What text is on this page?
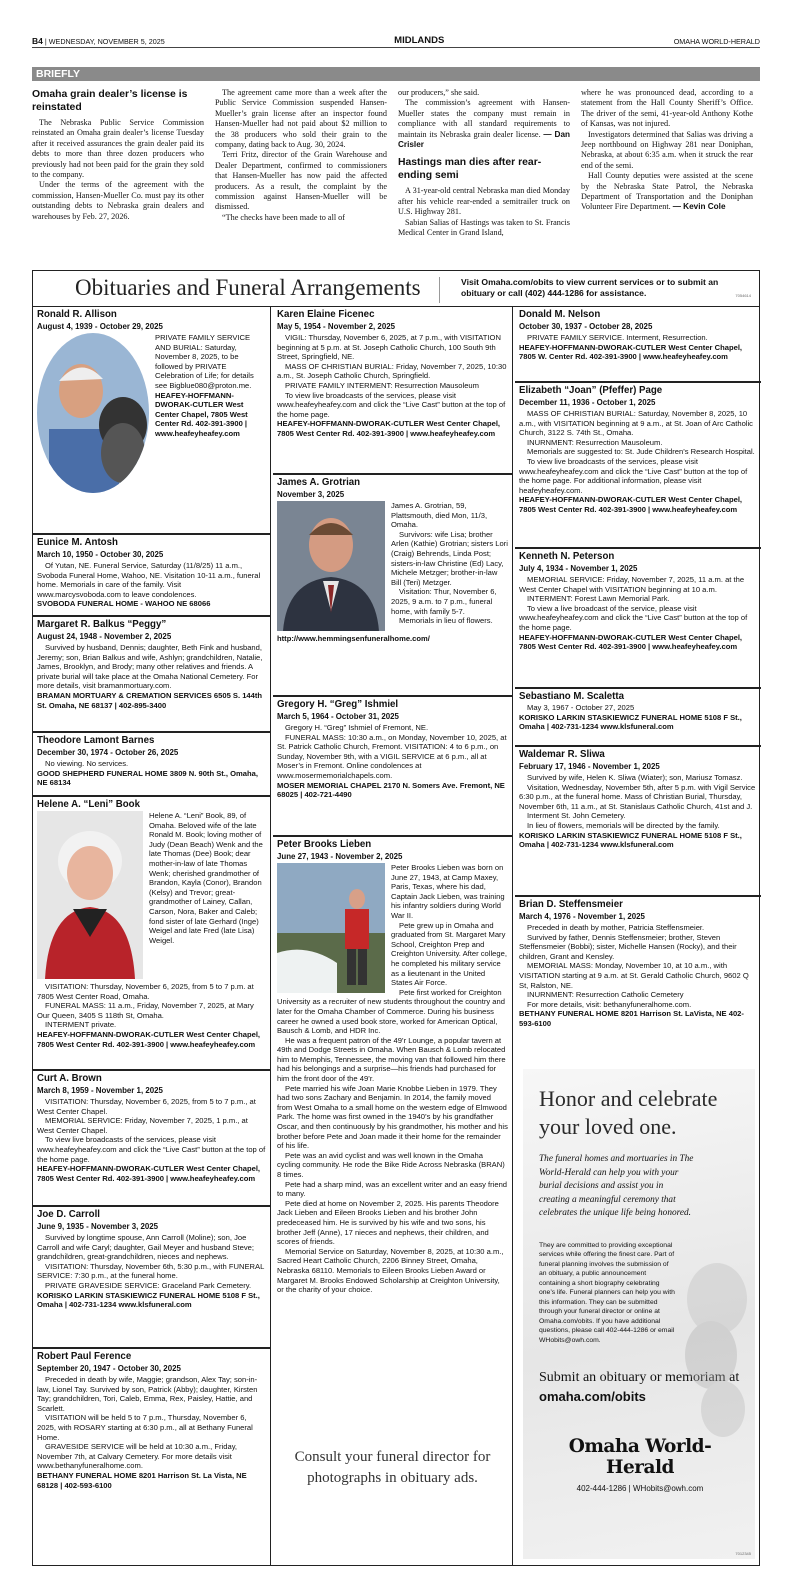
B4 | WEDNESDAY, NOVEMBER 5, 2025	MIDLANDS	OMAHA WORLD-HERALD
BRIEFLY
Omaha grain dealer’s license is reinstated

The Nebraska Public Service Commission reinstated an Omaha grain dealer’s license Tuesday after it received assurances the grain dealer paid its debts to more than three dozen producers who previously had not been paid for the grain they sold to the company.

Under the terms of the agreement with the commission, Hansen-Mueller Co. must pay its other outstanding debts to Nebraska grain dealers and warehouses by Feb. 27, 2026.

The agreement came more than a week after the Public Service Commission suspended Hansen-Mueller’s grain license after an inspector found Hansen-Mueller had not paid about $2 million to the 38 producers who sold their grain to the company, dating back to Aug. 30, 2024.

Terri Fritz, director of the Grain Warehouse and Dealer Department, confirmed to commissioners that Hansen-Mueller has now paid the affected producers. As a result, the complaint by the commission against Hansen-Mueller will be dismissed.

“The checks have been made to all of

our producers,” she said.

The commission’s agreement with Hansen-Mueller states the company must remain in compliance with all standard requirements to maintain its Nebraska grain dealer license. — Dan Crisler

Hastings man dies after rear-ending semi

A 31-year-old central Nebraska man died Monday after his vehicle rear-ended a semitrailer truck on U.S. Highway 281.

Sabian Salias of Hastings was taken to St. Francis Medical Center in Grand Island,

where he was pronounced dead, according to a statement from the Hall County Sheriff’s Office. The driver of the semi, 41-year-old Anthony Kothe of Kansas, was not injured.

Investigators determined that Salias was driving a Jeep northbound on Highway 281 near Doniphan, Nebraska, at about 6:35 a.m. when it struck the rear end of the semi.

Hall County deputies were assisted at the scene by the Nebraska State Patrol, the Nebraska Department of Transportation and the Doniphan Volunteer Fire Department. — Kevin Cole

Obituaries and Funeral Arrangements	Visit Omaha.com/obits to view current services or to submit an obituary or call (402) 444-1286 for assistance.	7054614
Ronald R. Allison
August 4, 1939 - October 29, 2025

PRIVATE FAMILY SERVICE AND BURIAL: Saturday, November 8, 2025, to be followed by PRIVATE Celebration of Life; for details see Bigblue080@proton.me.

HEAFEY-HOFFMANN-DWORAK-CUTLER West Center Chapel, 7805 West Center Rd. 402-391-3900 | www.heafeyheafey.com

Eunice M. Antosh
March 10, 1950 - October 30, 2025

Of Yutan, NE. Funeral Service, Saturday (11/8/25) 11 a.m., Svoboda Funeral Home, Wahoo, NE. Visitation 10-11 a.m., funeral home. Memorials in care of the family. Visit www.marcysvoboda.com to leave condolences.

SVOBODA FUNERAL HOME - WAHOO NE 68066

Margaret R. Balkus “Peggy”
August 24, 1948 - November 2, 2025

Survived by husband, Dennis; daughter, Beth Fink and husband, Jeremy; son, Brian Balkus and wife, Ashlyn; grandchildren, Natalie, James, Brooklyn, and Brody; many other relatives and friends. A private burial will take place at the Omaha National Cemetery. For more details, visit bramanmortuary.com.

BRAMAN MORTUARY & CREMATION SERVICES 6505 S. 144th St. Omaha, NE 68137 | 402-895-3400

Theodore Lamont Barnes
December 30, 1974 - October 26, 2025

No viewing. No services.

GOOD SHEPHERD FUNERAL HOME 3809 N. 90th St., Omaha, NE 68134

Helene A. “Leni” Book

Helene A. “Leni” Book, 89, of Omaha. Beloved wife of the late Ronald M. Book; loving mother of Judy (Dean Beach) Wenk and the late Thomas (Dee) Book; dear mother-in-law of late Thomas Wenk; cherished grandmother of Brandon, Kayla (Conor), Brandon (Kelsy) and Trevor; great-grandmother of Lainey, Callan, Carson, Nora, Baker and Caleb; fond sister of late Gerhard (Inge) Weigel and late Fred (late Lisa) Weigel.

VISITATION: Thursday, November 6, 2025, from 5 to 7 p.m. at 7805 West Center Road, Omaha.

FUNERAL MASS: 11 a.m., Friday, November 7, 2025, at Mary Our Queen, 3405 S 118th St, Omaha.

INTERMENT private.

HEAFEY-HOFFMANN-DWORAK-CUTLER West Center Chapel, 7805 West Center Rd. 402-391-3900 | www.heafeyheafey.com

Curt A. Brown
March 8, 1959 - November 1, 2025

VISITATION: Thursday, November 6, 2025, from 5 to 7 p.m., at West Center Chapel.

MEMORIAL SERVICE: Friday, November 7, 2025, 1 p.m., at West Center Chapel.

To view live broadcasts of the services, please visit www.heafeyheafey.com and click the “Live Cast” button at the top of the home page.

HEAFEY-HOFFMANN-DWORAK-CUTLER West Center Chapel, 7805 West Center Rd. 402-391-3900 | www.heafeyheafey.com

Joe D. Carroll
June 9, 1935 - November 3, 2025

Survived by longtime spouse, Ann Carroll (Moline); son, Joe Carroll and wife Caryl; daughter, Gail Meyer and husband Steve; grandchildren, great-grandchildren, nieces and nephews.

VISITATION: Thursday, November 6th, 5:30 p.m., with FUNERAL SERVICE: 7:30 p.m., at the funeral home.

PRIVATE GRAVESIDE SERVICE: Graceland Park Cemetery.

KORISKO LARKIN STASKIEWICZ FUNERAL HOME 5108 F St., Omaha | 402-731-1234 www.klsfuneral.com

Robert Paul Ference
September 20, 1947 - October 30, 2025

Preceded in death by wife, Maggie; grandson, Alex Tay; son-in-law, Lionel Tay. Survived by son, Patrick (Abby); daughter, Kirsten Tay; grandchildren, Tori, Caleb, Emma, Rex, Paisley, Hattie, and Scarlett.

VISITATION will be held 5 to 7 p.m., Thursday, November 6, 2025, with ROSARY starting at 6:30 p.m., all at Bethany Funeral Home.

GRAVESIDE SERVICE will be held at 10:30 a.m., Friday, November 7th, at Calvary Cemetery. For more details visit www.bethanyfuneralhome.com.

BETHANY FUNERAL HOME 8201 Harrison St. La Vista, NE 68128 | 402-593-6100

Karen Elaine Ficenec
May 5, 1954 - November 2, 2025

VIGIL: Thursday, November 6, 2025, at 7 p.m., with VISITATION beginning at 5 p.m. at St. Joseph Catholic Church, 100 South 9th Street, Springfield, NE.

MASS OF CHRISTIAN BURIAL: Friday, November 7, 2025, 10:30 a.m., St. Joseph Catholic Church, Springfield.

PRIVATE FAMILY INTERMENT: Resurrection Mausoleum

To view live broadcasts of the services, please visit www.heafeyheafey.com and click the “Live Cast” button at the top of the home page.

HEAFEY-HOFFMANN-DWORAK-CUTLER West Center Chapel, 7805 West Center Rd. 402-391-3900 | www.heafeyheafey.com

James A. Grotrian
November 3, 2025

James A. Grotrian, 59, Plattsmouth, died Mon, 11/3, Omaha.

Survivors: wife Lisa; brother Arlen (Kathie) Grotrian; sisters Lori (Craig) Behrends, Linda Post; sisters-in-law Christine (Ed) Lacy, Michele Metzger; brother-in-law Bill (Teri) Metzger.

Visitation: Thur, November 6, 2025, 9 a.m. to 7 p.m., funeral home, with family 5-7.

Memorials in lieu of flowers.

http://www.hemmingsenfuneralhome.com/

Gregory H. “Greg” Ishmiel
March 5, 1964 - October 31, 2025

Gregory H. “Greg” Ishmiel of Fremont, NE.

FUNERAL MASS: 10:30 a.m., on Monday, November 10, 2025, at St. Patrick Catholic Church, Fremont. VISITATION: 4 to 6 p.m., on Sunday, November 9th, with a VIGIL SERVICE at 6 p.m., all at Moser’s in Fremont. Online condolences at www.mosermemorialchapels.com.

MOSER MEMORIAL CHAPEL 2170 N. Somers Ave. Fremont, NE 68025 | 402-721-4490

Peter Brooks Lieben
June 27, 1943 - November 2, 2025

Peter Brooks Lieben was born on June 27, 1943, at Camp Maxey, Paris, Texas, where his dad, Captain Jack Lieben, was training his infantry soldiers during World War II.

Pete grew up in Omaha and graduated from St. Margaret Mary School, Creighton Prep and Creighton University. After college, he completed his military service as a lieutenant in the United States Air Force.

Pete first worked for Creighton University as a recruiter of new students throughout the country and later for the Omaha Chamber of Commerce. During his business career he owned a used book store, worked for American Optical, Bausch & Lomb, and HDR Inc.

He was a frequent patron of the 49’r Lounge, a popular tavern at 49th and Dodge Streets in Omaha. When Bausch & Lomb relocated him to Memphis, Tennessee, the moving van that followed him there had his belongings and a surprise—his friends had purchased for him the front door of the 49’r.

Pete married his wife Joan Marie Knobbe Lieben in 1979. They had two sons Zachary and Benjamin. In 2014, the family moved from West Omaha to a small home on the western edge of Elmwood Park. The home was first owned in the 1940’s by his grandfather Oscar, and then continuously by his grandmother, his mother and his brother before Pete and Joan made it their home for the remainder of his life.

Pete was an avid cyclist and was well known in the Omaha cycling community. He rode the Bike Ride Across Nebraska (BRAN) 8 times.

Pete had a sharp mind, was an excellent writer and an easy friend to many.

Pete died at home on November 2, 2025. His parents Theodore Jack Lieben and Eileen Brooks Lieben and his brother John predeceased him. He is survived by his wife and two sons, his brother Jeff (Anne), 17 nieces and nephews, their children, and scores of friends.

Memorial Service on Saturday, November 8, 2025, at 10:30 a.m., Sacred Heart Catholic Church, 2206 Binney Street, Omaha, Nebraska 68110. Memorials to Eileen Brooks Lieben Award or Margaret M. Brooks Endowed Scholarship at Creighton University, or the charity of your choice.

Consult your funeral director for photographs in obituary ads.
Donald M. Nelson
October 30, 1937 - October 28, 2025

PRIVATE FAMILY SERVICE. Interment, Resurrection.

HEAFEY-HOFFMANN-DWORAK-CUTLER West Center Chapel, 7805 W. Center Rd. 402-391-3900 | www.heafeyheafey.com

Elizabeth “Joan” (Pfeffer) Page
December 11, 1936 - October 1, 2025

MASS OF CHRISTIAN BURIAL: Saturday, November 8, 2025, 10 a.m., with VISITATION beginning at 9 a.m., at St. Joan of Arc Catholic Church, 3122 S. 74th St., Omaha.

INURNMENT: Resurrection Mausoleum.

Memorials are suggested to: St. Jude Children’s Research Hospital.

To view live broadcasts of the services, please visit www.heafeyheafey.com and click the “Live Cast” button at the top of the home page. For additional information, please visit heafeyheafey.com.

HEAFEY-HOFFMANN-DWORAK-CUTLER West Center Chapel, 7805 West Center Rd. 402-391-3900 | www.heafeyheafey.com

Kenneth N. Peterson
July 4, 1934 - November 1, 2025

MEMORIAL SERVICE: Friday, November 7, 2025, 11 a.m. at the West Center Chapel with VISITATION beginning at 10 a.m.

INTERMENT: Forest Lawn Memorial Park.

To view a live broadcast of the service, please visit www.heafeyheafey.com and click the “Live Cast” button at the top of the home page.

HEAFEY-HOFFMANN-DWORAK-CUTLER West Center Chapel, 7805 West Center Rd. 402-391-3900 | www.heafeyheafey.com

Sebastiano M. Scaletta
May 3, 1967 - October 27, 2025

KORISKO LARKIN STASKIEWICZ FUNERAL HOME 5108 F St., Omaha | 402-731-1234 www.klsfuneral.com

Waldemar R. Sliwa
February 17, 1946 - November 1, 2025

Survived by wife, Helen K. Sliwa (Wiater); son, Mariusz Tomasz.

Visitation, Wednesday, November 5th, after 5 p.m. with Vigil Service 6:30 p.m., at the funeral home. Mass of Christian Burial, Thursday, November 6th, 11 a.m., at St. Stanislaus Catholic Church, 41st and J.

Interment St. John Cemetery.

In lieu of flowers, memorials will be directed by the family.

KORISKO LARKIN STASKIEWICZ FUNERAL HOME 5108 F St., Omaha | 402-731-1234 www.klsfuneral.com

Brian D. Steffensmeier
March 4, 1976 - November 1, 2025

Preceded in death by mother, Patricia Steffensmeier.

Survived by father, Dennis Steffensmeier; brother, Steven Steffensmeier (Bobbi); sister, Michelle Hansen (Rocky), and their children, Grant and Kensley.

MEMORIAL MASS: Monday, November 10, at 10 a.m., with VISITATION starting at 9 a.m. at St. Gerald Catholic Church, 9602 Q St, Ralston, NE.

INURNMENT: Resurrection Catholic Cemetery

For more details, visit: bethanyfuneralhome.com.

BETHANY FUNERAL HOME 8201 Harrison St. LaVista, NE 402-593-6100

Honor and celebrate your loved one.
The funeral homes and mortuaries in The World-Herald can help you with your burial decisions and assist you in creating a meaningful ceremony that celebrates the unique life being honored.
They are committed to providing exceptional services while offering the finest care. Part of funeral planning involves the submission of an obituary, a public announcement containing a short biography celebrating one’s life. Funeral planners can help you with this information. They can be submitted through your funeral director or online at Omaha.com/obits. If you have additional questions, please call 402-444-1286 or email WHobits@owh.com.
Submit an obituary or memoriam at
omaha.com/obits
Omaha World-Herald
402-444-1286 | WHobits@owh.com
7012345
